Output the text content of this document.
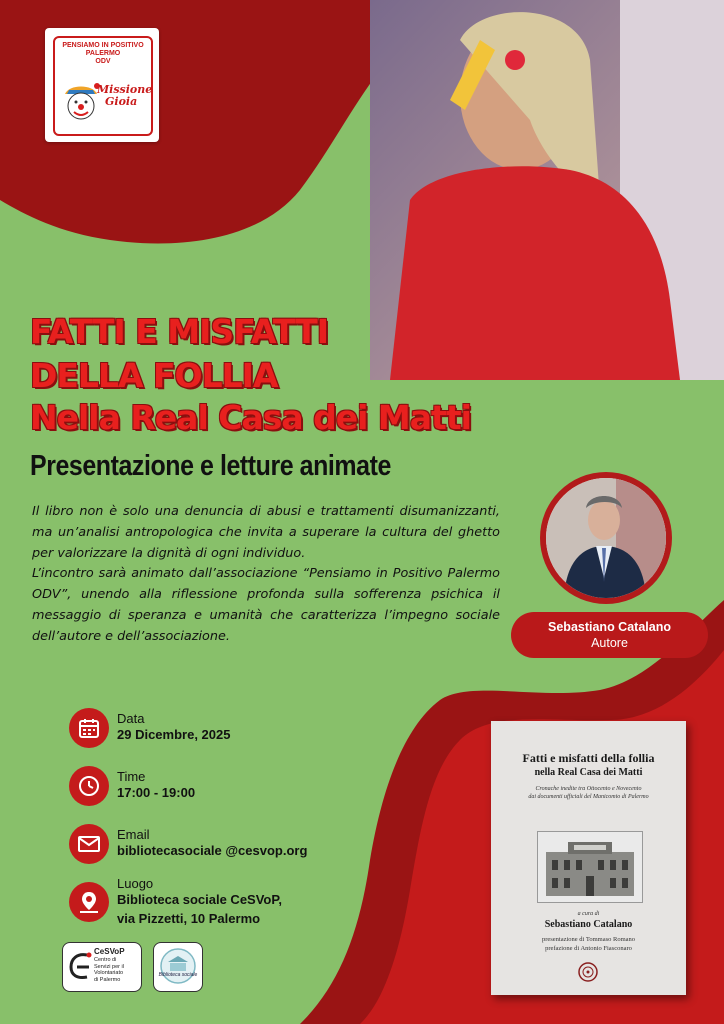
PENSIAMO IN POSITIVO
PALERMO
ODV
Missione
Gioia
FATTI E MISFATTI
DELLA FOLLIA
Nella Real Casa dei Matti
Presentazione e letture animate

Il libro non è solo una denuncia di abusi e trattamenti disumanizzanti, ma un’analisi antropologica che invita a superare la cultura del ghetto per valorizzare la dignità di ogni individuo.

L’incontro sarà animato dall’associazione “Pensiamo in Positivo Palermo ODV”, unendo alla riflessione profonda sulla sofferenza psichica il messaggio di speranza e umanità che caratterizza l’impegno sociale dell’autore e dell’associazione.

Sebastiano Catalano
Autore
Data
29 Dicembre, 2025
Time
17:00 - 19:00
Email
bibliotecasociale @cesvop.org
Luogo
Biblioteca sociale CeSVoP,
via Pizzetti, 10 Palermo
Fatti e misfatti della follia
nella Real Casa dei Matti
Cronache inedite tra Ottocento e Novecento
dai documenti ufficiali del Manicomio di Palermo
a cura di
Sebastiano Catalano
presentazione di Tommaso Romano
prefazione di Antonio Fiasconaro
CeSVoP
Centro di
Servizi per il
Volontariato
di Palermo
Biblioteca sociale
